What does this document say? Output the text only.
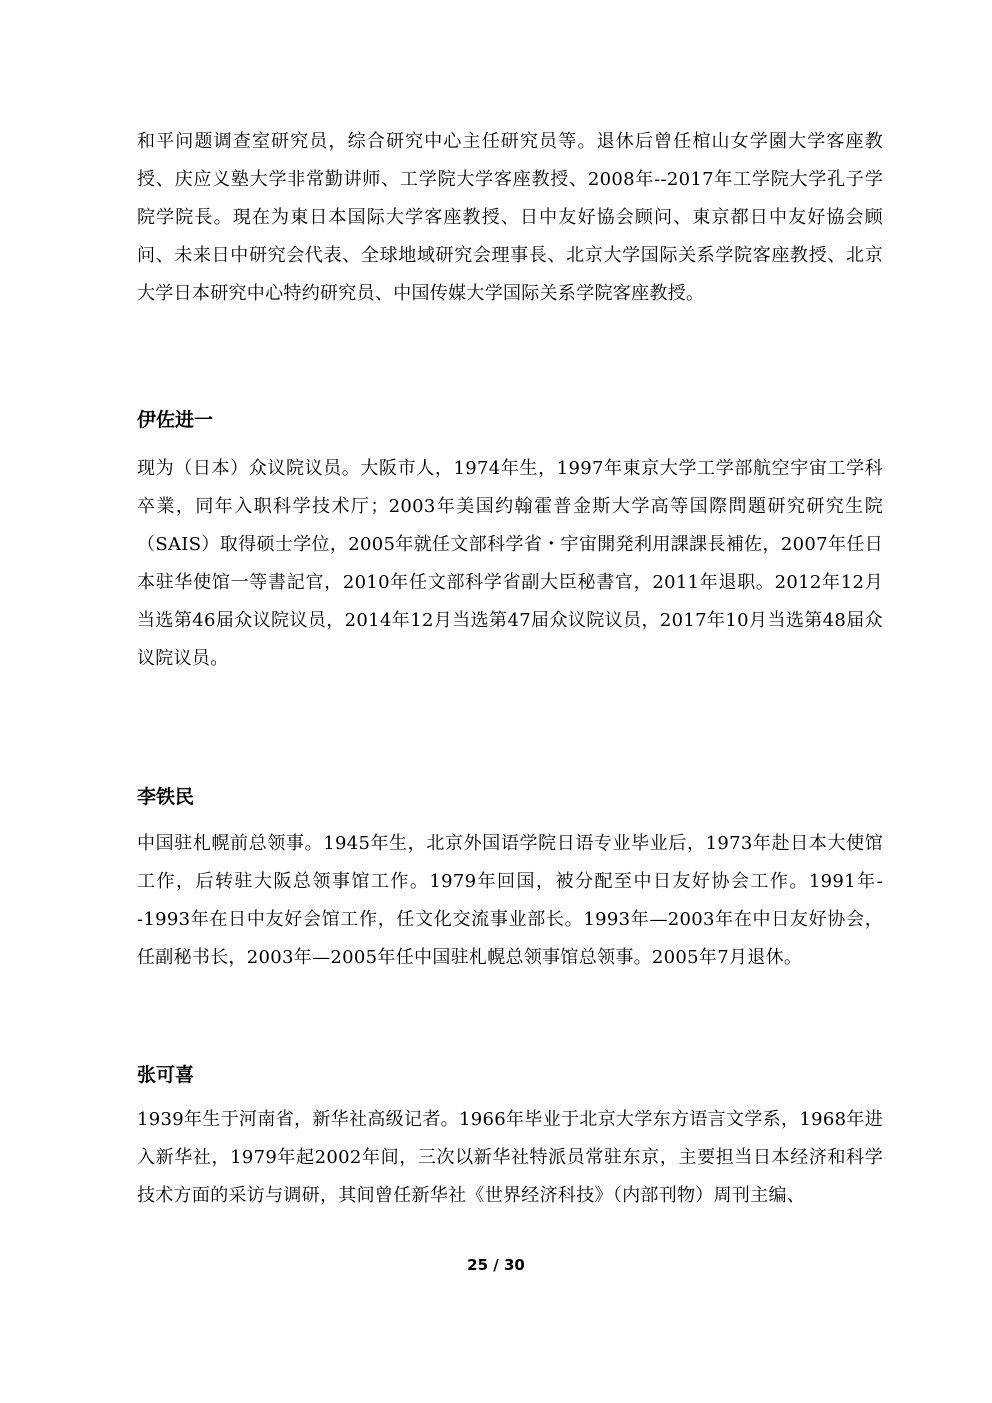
和平问题调查室研究员，综合研究中心主任研究员等。退休后曾任棺山女学園大学客座教授、庆应义塾大学非常勤讲师、工学院大学客座教授、2008年--2017年工学院大学孔子学院学院長。現在为東日本国际大学客座教授、日中友好協会顾问、東京都日中友好協会顾问、未来日中研究会代表、全球地域研究会理事長、北京大学国际关系学院客座教授、北京大学日本研究中心特约研究员、中国传媒大学国际关系学院客座教授。

伊佐进一

现为（日本）众议院议员。大阪市人，1974年生，1997年東京大学工学部航空宇宙工学科卒業，同年入职科学技术厅；2003年美国约翰霍普金斯大学高等国際問題研究研究生院（SAIS）取得硕士学位，2005年就任文部科学省・宇宙開発利用課課長補佐，2007年任日本驻华使馆一等書記官，2010年任文部科学省副大臣秘書官，2011年退职。2012年12月当选第46届众议院议员，2014年12月当选第47届众议院议员，2017年10月当选第48届众议院议员。

李铁民

中国驻札幌前总领事。1945年生，北京外国语学院日语专业毕业后，1973年赴日本大使馆工作，后转驻大阪总领事馆工作。1979年回国，被分配至中日友好协会工作。1991年--1993年在日中友好会馆工作，任文化交流事业部长。1993年—2003年在中日友好协会，任副秘书长，2003年—2005年任中国驻札幌总领事馆总领事。2005年7月退休。

张可喜

1939年生于河南省，新华社高级记者。1966年毕业于北京大学东方语言文学系，1968年进入新华社，1979年起2002年间，三次以新华社特派员常驻东京，主要担当日本经济和科学技术方面的采访与调研，其间曾任新华社《世界经济科技》（内部刊物）周刊主编、

25 / 30
